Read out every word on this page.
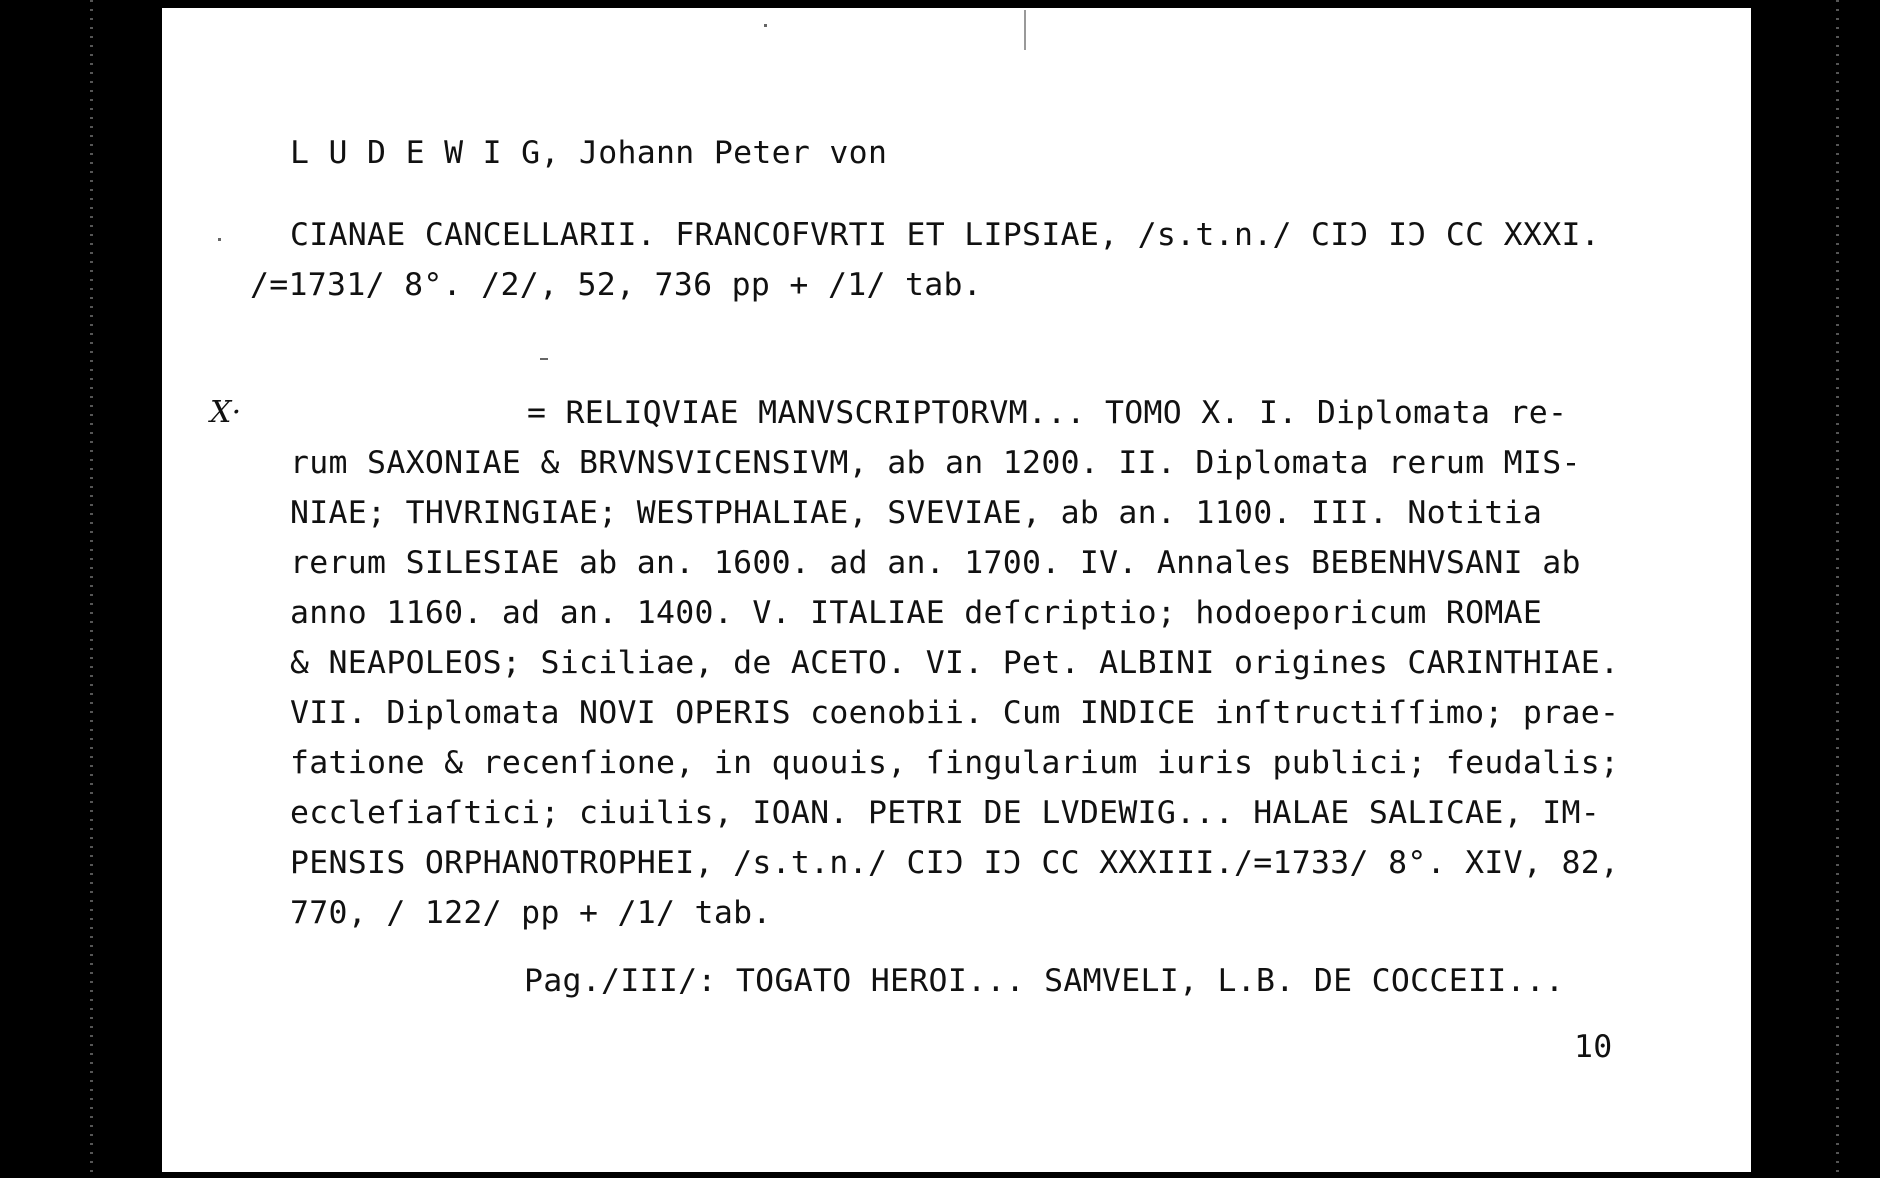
L U D E W I G, Johann Peter von
CIANAE CANCELLARII. FRANCOFVRTI ET LIPSIAE, /s.t.n./ CIƆ IƆ CC XXXI.
/=1731/ 8°. /2/, 52, 736 pp + /1/ tab.
X·	= RELIQVIAE MANVSCRIPTORVM... TOMO X. I. Diplomata re-
rum SAXONIAE & BRVNSVICENSIVM, ab an 1200. II. Diplomata rerum MIS-
NIAE; THVRINGIAE; WESTPHALIAE, SVEVIAE, ab an. 1100. III. Notitia
rerum SILESIAE ab an. 1600. ad an. 1700. IV. Annales BEBENHVSANI ab
anno 1160. ad an. 1400. V. ITALIAE deſcriptio; hodoeporicum ROMAE
& NEAPOLEOS; Siciliae, de ACETO. VI. Pet. ALBINI origines CARINTHIAE.
VII. Diplomata NOVI OPERIS coenobii. Cum INDICE inſtructiſſimo; prae-
fatione & recenſione, in quouis, ſingularium iuris publici; feudalis;
eccleſiaſtici; ciuilis, IOAN. PETRI DE LVDEWIG... HALAE SALICAE, IM-
PENSIS ORPHANOTROPHEI, /s.t.n./ CIƆ IƆ CC XXXIII./=1733/ 8°. XIV, 82,
770, / 122/ pp + /1/ tab.
Pag./III/: TOGATO HEROI... SAMVELI, L.B. DE COCCEII...
10
